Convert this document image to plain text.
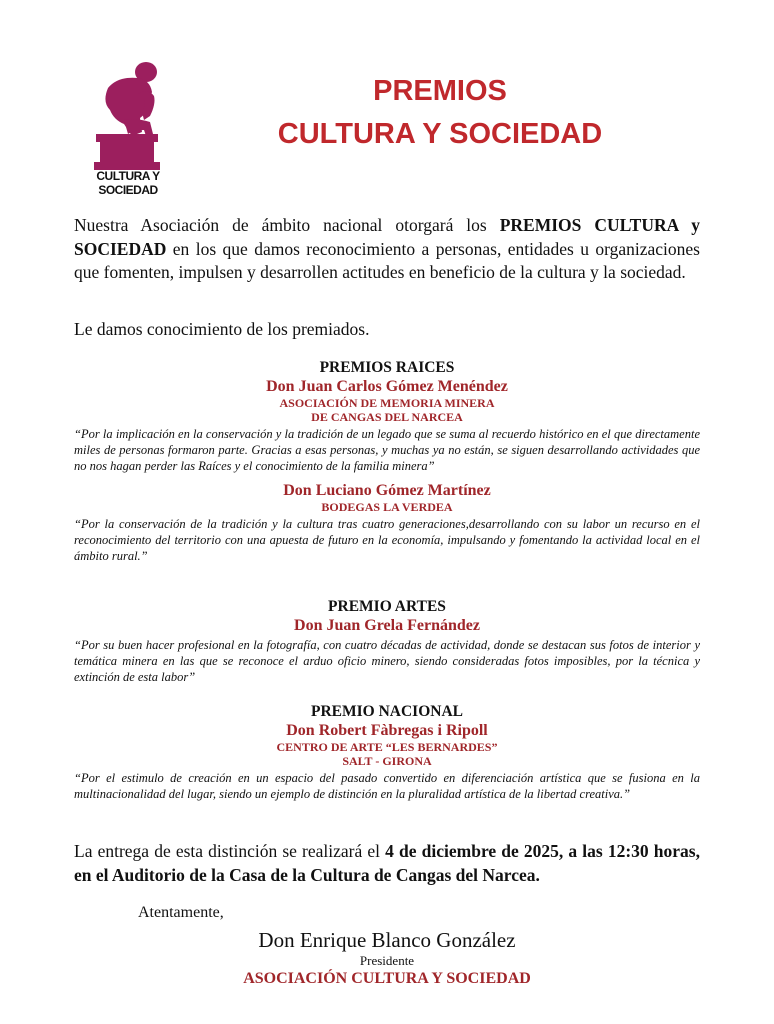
CULTURA Y
SOCIEDAD
PREMIOS
CULTURA Y SOCIEDAD
Nuestra Asociación de ámbito nacional otorgará los PREMIOS CULTURA y SOCIEDAD en los que damos reconocimiento a personas, entidades u organizaciones que fomenten, impulsen y desarrollen actitudes en beneficio de la cultura y la sociedad.
Le damos conocimiento de los premiados.
PREMIOS RAICES
Don Juan Carlos Gómez Menéndez
ASOCIACIÓN DE MEMORIA MINERA
DE CANGAS DEL NARCEA
“Por la implicación en la conservación y la tradición de un legado que se suma al recuerdo histórico en el que directamente miles de personas formaron parte. Gracias a esas personas, y muchas ya no están, se siguen desarrollando actividades que no nos hagan perder las Raíces y el conocimiento de la familia minera”
Don Luciano Gómez Martínez
BODEGAS LA VERDEA
“Por la conservación de la tradición y la cultura tras cuatro generaciones,desarrollando con su labor un recurso en el reconocimiento del territorio con una apuesta de futuro en la economía, impulsando y fomentando la actividad local en el ámbito rural.”
PREMIO ARTES
Don Juan Grela Fernández
“Por su buen hacer profesional en la fotografía, con cuatro décadas de actividad, donde se destacan sus fotos de interior y temática minera en las que se reconoce el arduo oficio minero, siendo consideradas fotos imposibles, por la técnica y extinción de esta labor”
PREMIO NACIONAL
Don Robert Fàbregas i Ripoll
CENTRO DE ARTE “LES BERNARDES”
SALT - GIRONA
“Por el estimulo de creación en un espacio del pasado convertido en diferenciación artística que se fusiona en la multinacionalidad del lugar, siendo un ejemplo de distinción en la pluralidad artística de la libertad creativa.”
La entrega de esta distinción se realizará el 4 de diciembre de 2025, a las 12:30 horas, en el Auditorio de la Casa de la Cultura de Cangas del Narcea.
Atentamente,
Don Enrique Blanco González
Presidente
ASOCIACIÓN CULTURA Y SOCIEDAD
